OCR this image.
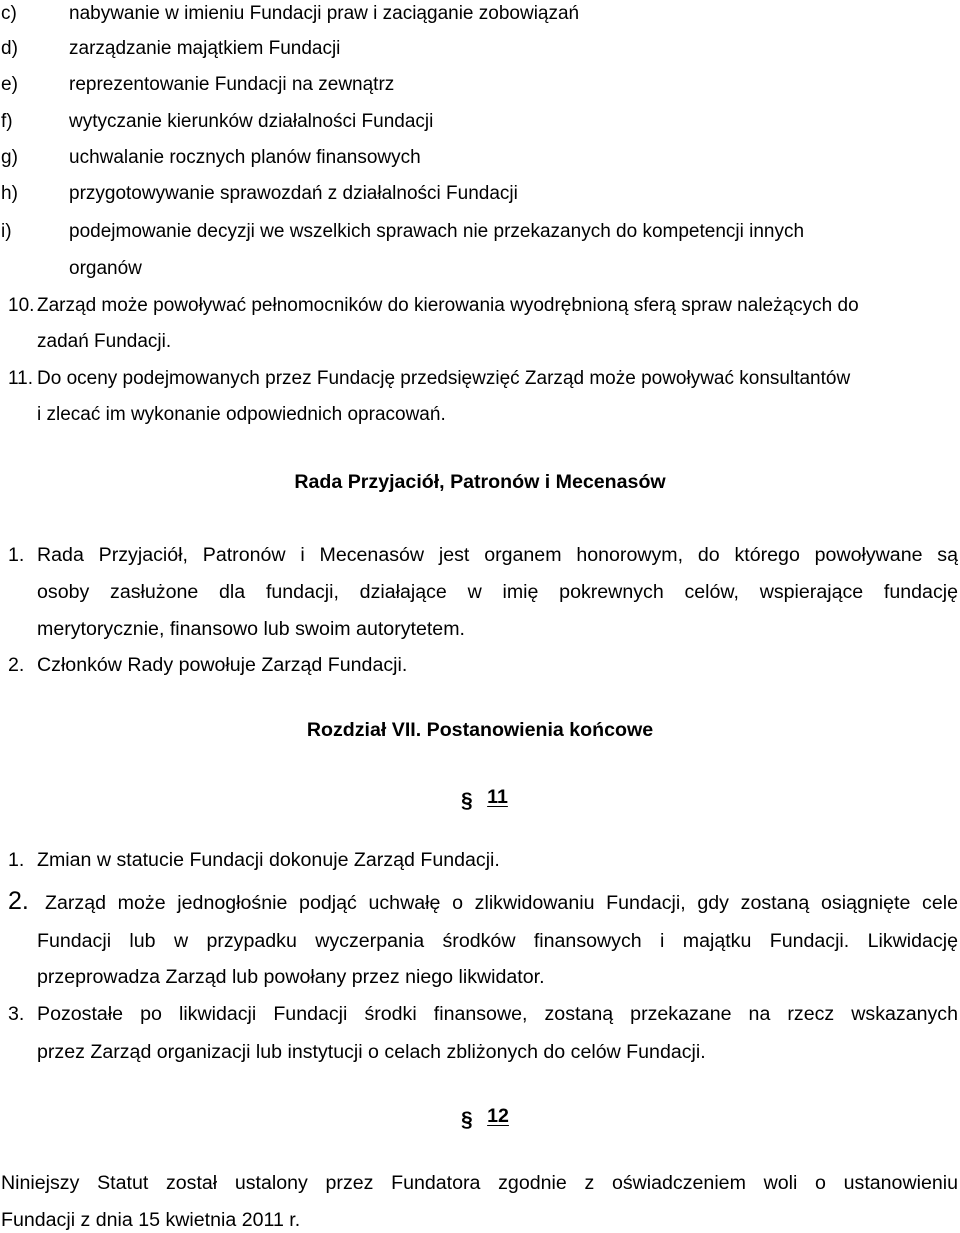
c)	nabywanie w imieniu Fundacji praw i zaciąganie zobowiązań
d)	zarządzanie majątkiem Fundacji
e)	reprezentowanie Fundacji na zewnątrz
f)	wytyczanie kierunków działalności Fundacji
g)	uchwalanie rocznych planów finansowych
h)	przygotowywanie sprawozdań z działalności Fundacji
i)	podejmowanie decyzji we wszelkich sprawach nie przekazanych do kompetencji innych
organów
10. Zarząd może powoływać pełnomocników do kierowania wyodrębnioną sferą spraw należących do
zadań Fundacji.
11. Do oceny podejmowanych przez Fundację przedsięwzięć Zarząd może powoływać konsultantów
i zlecać im wykonanie odpowiednich opracowań.
Rada Przyjaciół, Patronów i Mecenasów
1. Rada Przyjaciół, Patronów i Mecenasów jest organem honorowym, do którego powoływane są
osoby zasłużone dla fundacji, działające w imię pokrewnych celów, wspierające fundację
merytorycznie, finansowo lub swoim autorytetem.
2. Członków Rady powołuje Zarząd Fundacji.
Rozdział VII. Postanowienia końcowe
§ 11
1. Zmian w statucie Fundacji dokonuje Zarząd Fundacji.
2. Zarząd może jednogłośnie podjąć uchwałę o zlikwidowaniu Fundacji, gdy zostaną osiągnięte cele
Fundacji lub w przypadku wyczerpania środków finansowych i majątku Fundacji. Likwidację
przeprowadza Zarząd lub powołany przez niego likwidator.
3. Pozostałe po likwidacji Fundacji środki finansowe, zostaną przekazane na rzecz wskazanych
przez Zarząd organizacji lub instytucji o celach zbliżonych do celów Fundacji.
§ 12
Niniejszy Statut został ustalony przez Fundatora zgodnie z oświadczeniem woli o ustanowieniu
Fundacji z dnia 15 kwietnia 2011 r.
